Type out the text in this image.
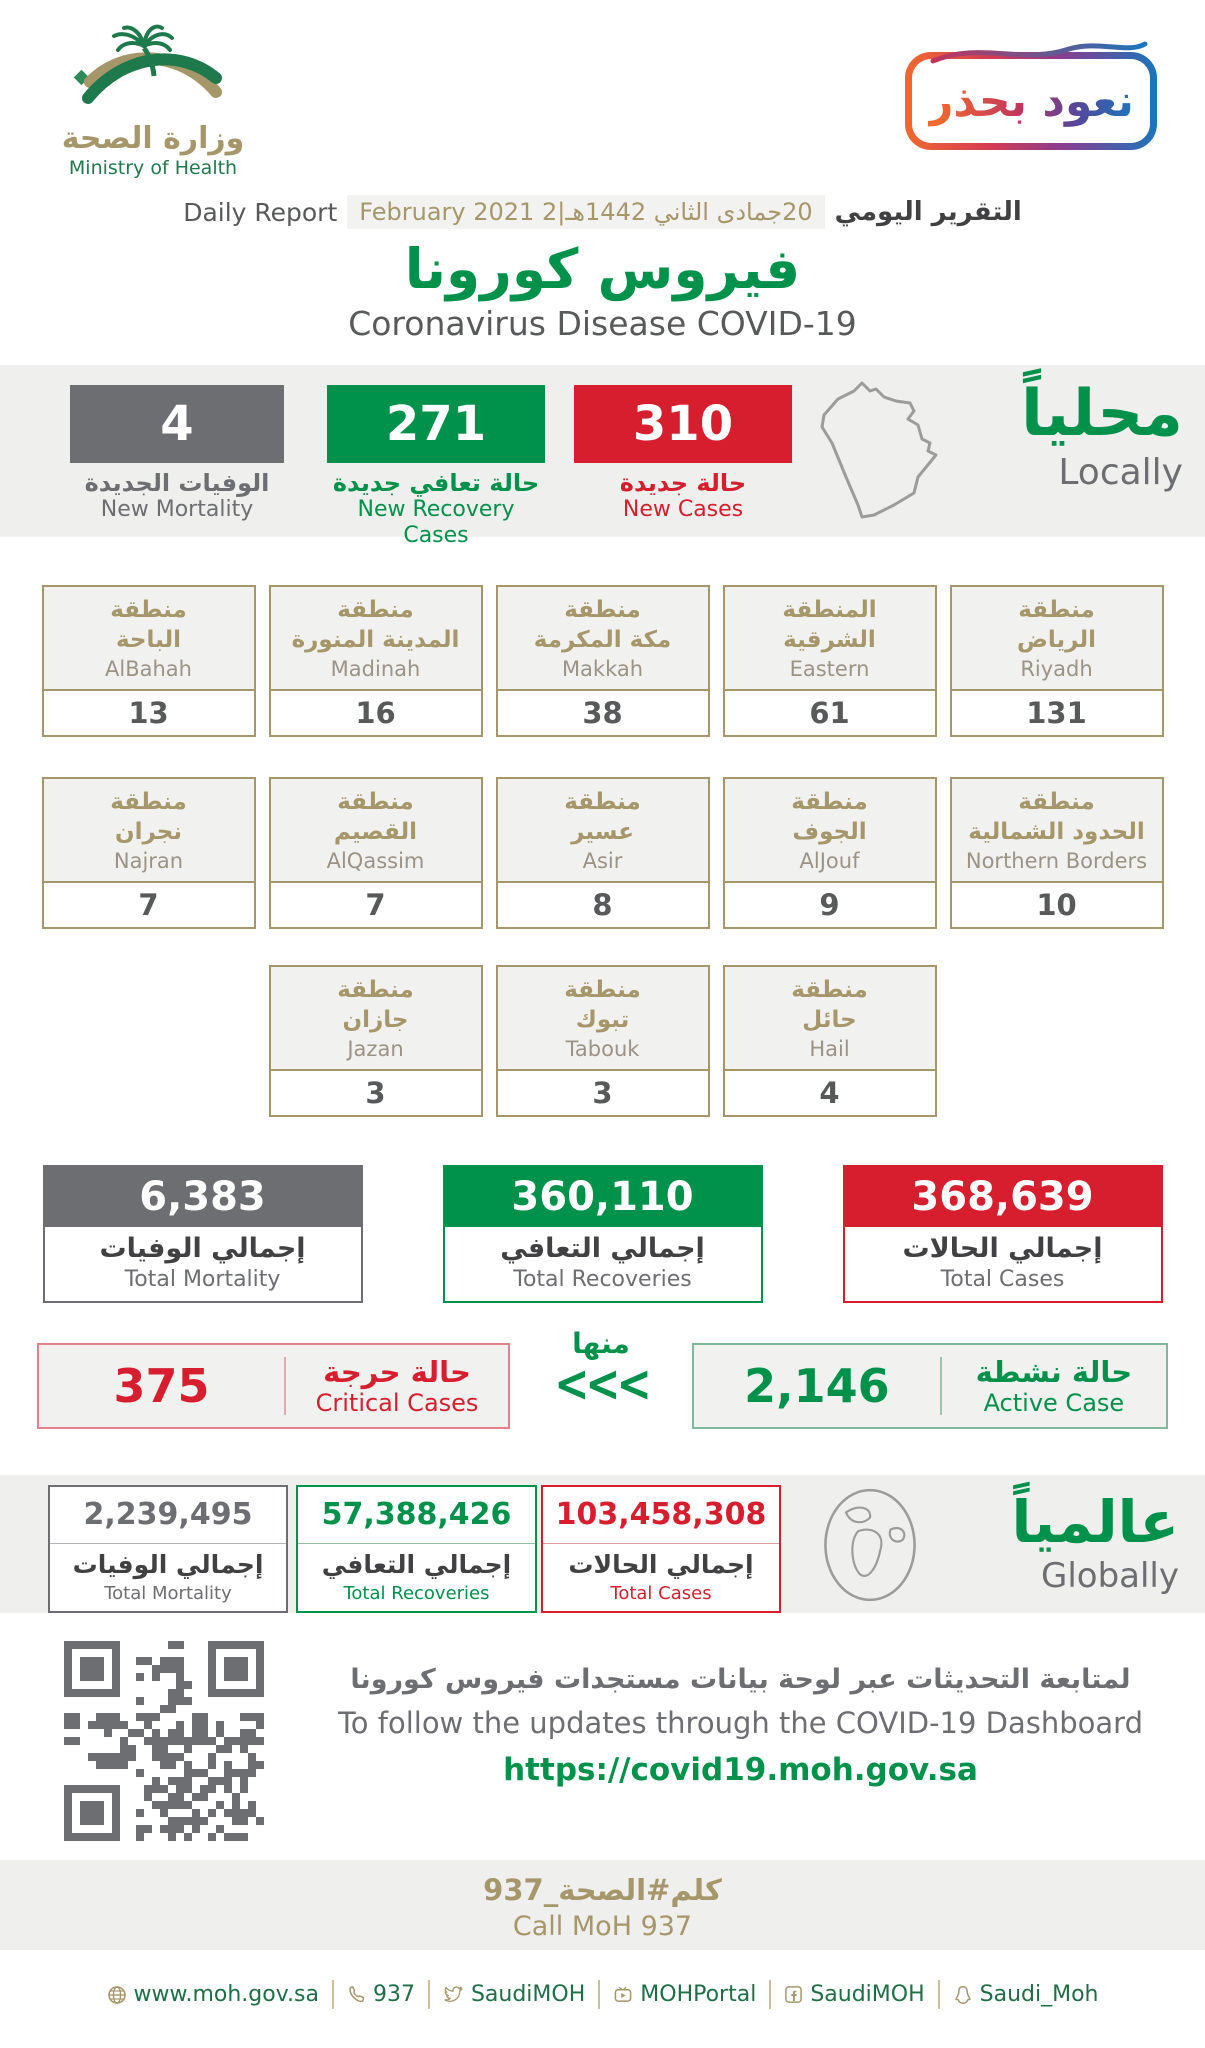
وزارة الصحة
Ministry of Health
نعود بحذر
Daily Report 20جمادى الثاني 1442هـ|2 February 2021 التقرير اليومي
فيروس كورونا
Coronavirus Disease COVID-19
4
الوفيات الجديدة
New Mortality
271
حالة تعافي جديدة
New Recovery Cases
310
حالة جديدة
New Cases
محلياً
Locally
منطقة
الباحة
AlBahah
13
منطقة
المدينة المنورة
Madinah
16
منطقة
مكة المكرمة
Makkah
38
المنطقة
الشرقية
Eastern
61
منطقة
الرياض
Riyadh
131
منطقة
نجران
Najran
7
منطقة
القصيم
AlQassim
7
منطقة
عسير
Asir
8
منطقة
الجوف
AlJouf
9
منطقة
الحدود الشمالية
Northern Borders
10
منطقة
جازان
Jazan
3
منطقة
تبوك
Tabouk
3
منطقة
حائل
Hail
4
6,383
إجمالي الوفيات
Total Mortality
360,110
إجمالي التعافي
Total Recoveries
368,639
إجمالي الحالات
Total Cases
375	حالة حرجة
Critical Cases
منها
<<<	2,146	حالة نشطة
Active Case
2,239,495
إجمالي الوفيات
Total Mortality
57,388,426
إجمالي التعافي
Total Recoveries
103,458,308
إجمالي الحالات
Total Cases
عالمياً
Globally
لمتابعة التحديثات عبر لوحة بيانات مستجدات فيروس كورونا
To follow the updates through the COVID-19 Dashboard
https://covid19.moh.gov.sa
كلم#الصحة_937
Call MoH 937
www.moh.gov.sa 937	SaudiMOH	MOHPortal SaudiMOH	Saudi_Moh
